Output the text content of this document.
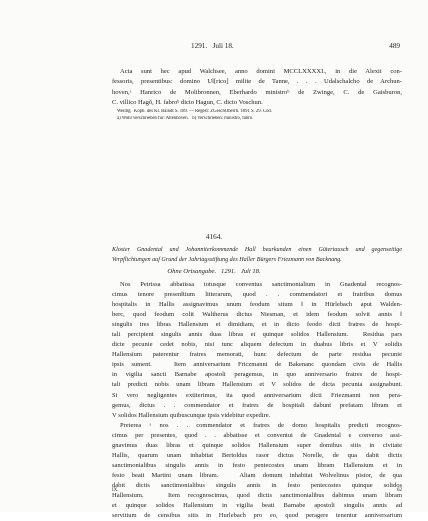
1291.   Juli 18.	489
Acta sunt hec apud Walchsee, anno domini MCCLXXXXI., in die Alexii con-
fessoris, presentibus: domino Ul[rico] milite de Tanne, . . . Udalschalcho de Archun-
hoven,ᵃ Hanrico de Molibronnen, Eberhardo ministroᵇ de Zwinge, C. de Gaisburon,
C. villico Hagŏ, H. fabroᵇ dicto Hagun, C. dicto Voschun.
Weilbg.  Kopb. des Kl. Baindt S. 189. — Regest: ZGeschOberrh. 1891 S. 29. Cod.
a) Wohl verschrieben für: Altenhoven.   b) Verschrieben: ministro, fabro.
4164.
Kloster Gnadental und Johanniterkommende Hall beurkunden einen Gütertausch und gegenseitige
Verpflichtungen auf Grund der Jahrtagsstiftung des Haller Bürgers Friezmann von Backnang.
Ohne Ortsangabe.   1291.   Juli 18.
Nos Petrissa abbatissa totusque conventus sanctimonialium in Gnadental recognos-
cimus tenore presen‖tium litterarum, quod . . commendatori et fratribus domus
hospitalis in Hallis assignavimus unum feodum situm ‖ in Hürlebach aput Walden-
berc, quod feodum colit Waltherus dictus Niesman, et idem feodum solvit annis ‖
singulis tres libras Hallensium et dimidiam, et in dicto feodo dicti fratres de hospi-
tali percipient singulis annis duas libras et quinque solidos Hallensium.  Residua pars
dicte pecunie cedet nobis, nisi tunc aliquem defectum in duabus libris et V solidis
Hallensium paterentur fratres memorati, hunc defectum de parte residua pecunie
ipsis sument.   Item anniversarium Friczmanni de Bakenanc quondam civis de Hallis
in vigilia sancti Barnabe apostoli peragemus, in quo anniversario fratres de hospi-
tali predicti nobis unam libram Hallensium et V solidos de dicta pecunia assignabunt.
Si vero negligentes extiterimus, ita quod anniversarium dicti Friezmanni non pera-
gemus, dictus . . commendator et fratres de hospitali dabunt prefatam libram et
V solidos Hallensium quibuscunque ipsis videbitur expedire.
Preterea ᵃ nos . . commendator et fratres de domo hospitalis predicti recognos-
cimus per presentes, quod . . abbatisse et conventui de Gnadental e converso assi-
gnavimus duas libras et quinque solidos Hallensium super domibus sitis in civitate
Hallis, quarum unam inhabitat Bertoldus rasor dictus Norelle, de qua dabit dictis
sanctimonialibus singulis annis in festo pentecostes unam libram Hallensium et in
festo beati Martini unam libram.   Aliam domum inhabitat Wolvelinus pistor, de qua
dabit dictis sanctimonialibus singulis annis in festo pentecostes quinque solidos
Hallensium.   Item recognoscimus, quod dictis sanctimonialibus dabimus unam libram
et quinque solidos Hallensium in vigilia beati Barnabe apostoli singulis annis ad
servitium de censibus sitis in Hurlebach pro eo, quod peragere tenentur anniversarium
IX.	62
